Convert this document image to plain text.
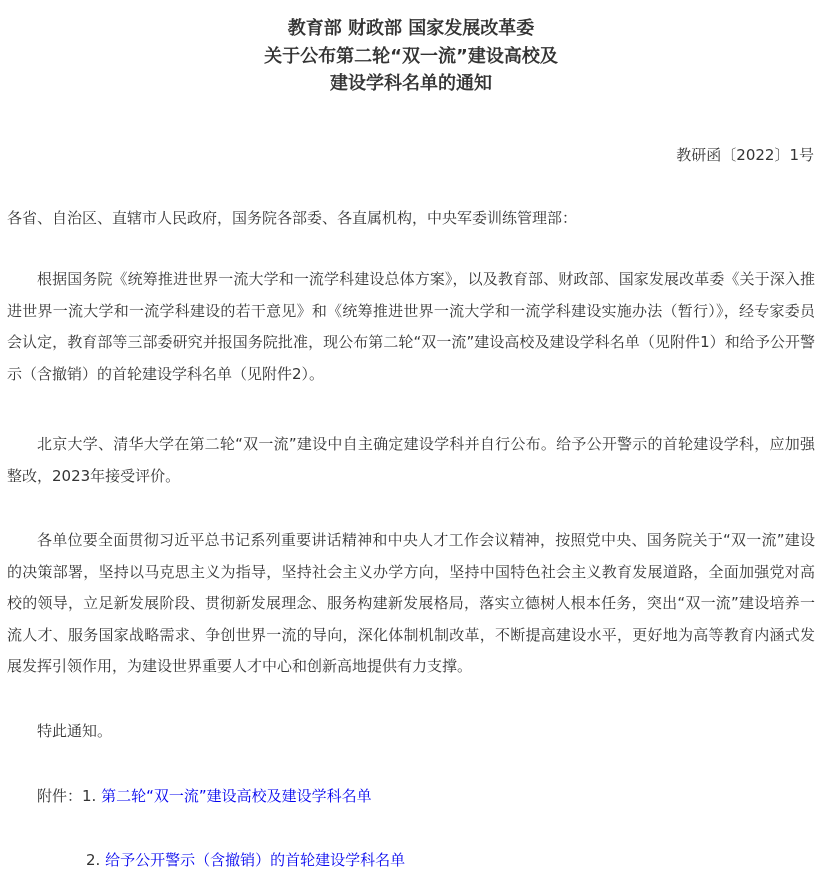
教育部 财政部 国家发展改革委
关于公布第二轮“双一流”建设高校及
建设学科名单的通知

教研函〔2022〕1号

各省、自治区、直辖市人民政府，国务院各部委、各直属机构，中央军委训练管理部：

根据国务院《统筹推进世界一流大学和一流学科建设总体方案》，以及教育部、财政部、国家发展改革委《关于深入推进世界一流大学和一流学科建设的若干意见》和《统筹推进世界一流大学和一流学科建设实施办法（暂行）》，经专家委员会认定，教育部等三部委研究并报国务院批准，现公布第二轮“双一流”建设高校及建设学科名单（见附件1）和给予公开警示（含撤销）的首轮建设学科名单（见附件2）。

北京大学、清华大学在第二轮“双一流”建设中自主确定建设学科并自行公布。给予公开警示的首轮建设学科，应加强整改，2023年接受评价。

各单位要全面贯彻习近平总书记系列重要讲话精神和中央人才工作会议精神，按照党中央、国务院关于“双一流”建设的决策部署，坚持以马克思主义为指导，坚持社会主义办学方向，坚持中国特色社会主义教育发展道路，全面加强党对高校的领导，立足新发展阶段、贯彻新发展理念、服务构建新发展格局，落实立德树人根本任务，突出“双一流”建设培养一流人才、服务国家战略需求、争创世界一流的导向，深化体制机制改革，不断提高建设水平，更好地为高等教育内涵式发展发挥引领作用，为建设世界重要人才中心和创新高地提供有力支撑。

特此通知。

附件：1. 第二轮“双一流”建设高校及建设学科名单

2. 给予公开警示（含撤销）的首轮建设学科名单
